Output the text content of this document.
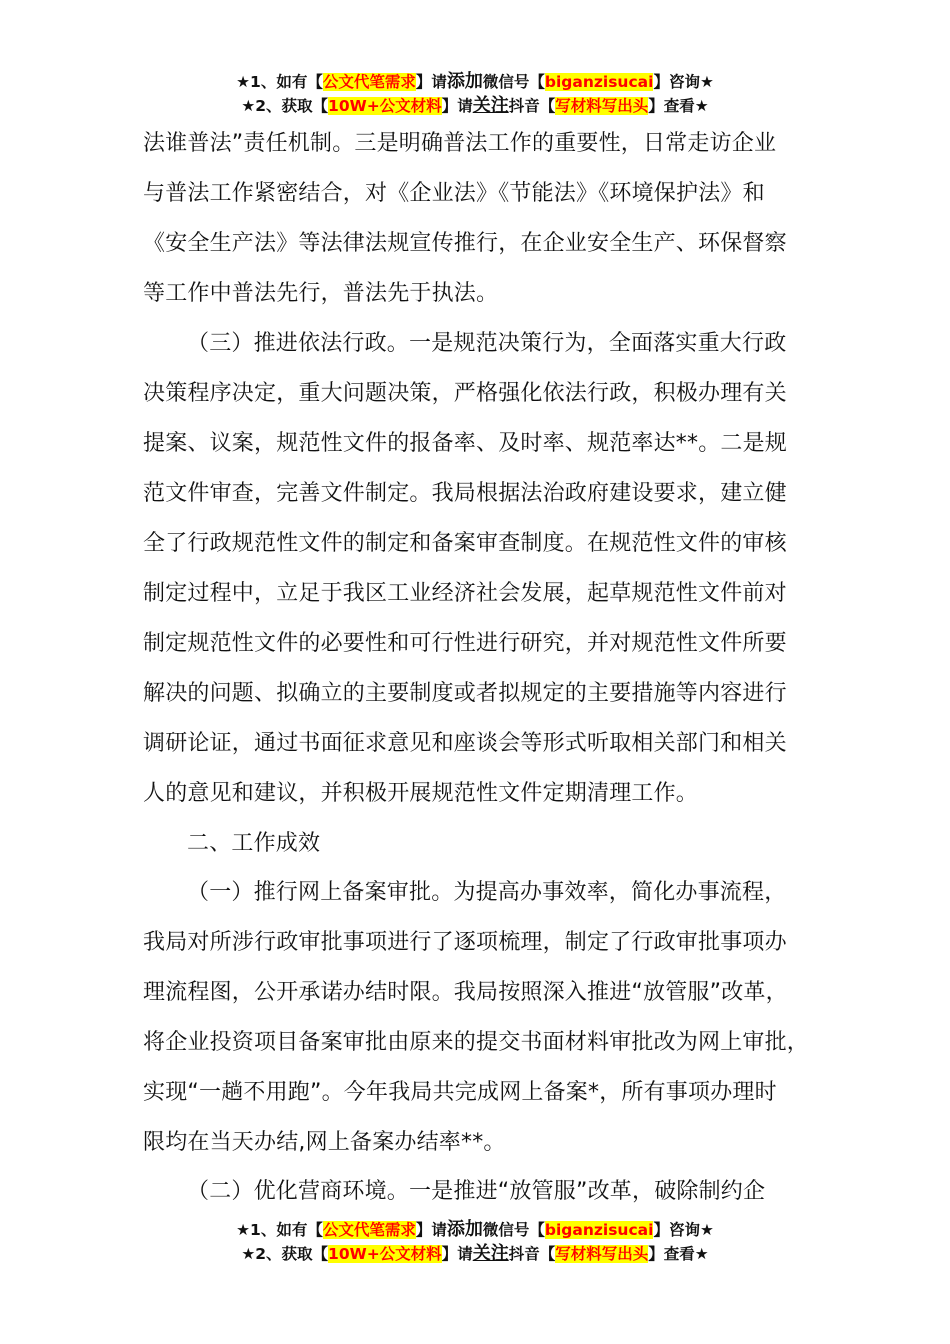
★1、如有【公文代笔需求】请添加微信号【biganzisucai】咨询★
★2、获取【10W+公文材料】请关注抖音【写材料写出头】查看★
法谁普法”责任机制。三是明确普法工作的重要性，日常走访企业
与普法工作紧密结合，对《企业法》《节能法》《环境保护法》和
《安全生产法》等法律法规宣传推行，在企业安全生产、环保督察
等工作中普法先行，普法先于执法。
（三）推进依法行政。一是规范决策行为，全面落实重大行政
决策程序决定，重大问题决策，严格强化依法行政，积极办理有关
提案、议案，规范性文件的报备率、及时率、规范率达**。二是规
范文件审查，完善文件制定。我局根据法治政府建设要求，建立健
全了行政规范性文件的制定和备案审查制度。在规范性文件的审核
制定过程中，立足于我区工业经济社会发展，起草规范性文件前对
制定规范性文件的必要性和可行性进行研究，并对规范性文件所要
解决的问题、拟确立的主要制度或者拟规定的主要措施等内容进行
调研论证，通过书面征求意见和座谈会等形式听取相关部门和相关
人的意见和建议，并积极开展规范性文件定期清理工作。
二、工作成效
（一）推行网上备案审批。为提高办事效率，简化办事流程，
我局对所涉行政审批事项进行了逐项梳理，制定了行政审批事项办
理流程图，公开承诺办结时限。我局按照深入推进“放管服”改革，
将企业投资项目备案审批由原来的提交书面材料审批改为网上审批，
实现“一趟不用跑”。今年我局共完成网上备案*，所有事项办理时
限均在当天办结,网上备案办结率**。
（二）优化营商环境。一是推进“放管服”改革，破除制约企
★1、如有【公文代笔需求】请添加微信号【biganzisucai】咨询★
★2、获取【10W+公文材料】请关注抖音【写材料写出头】查看★
